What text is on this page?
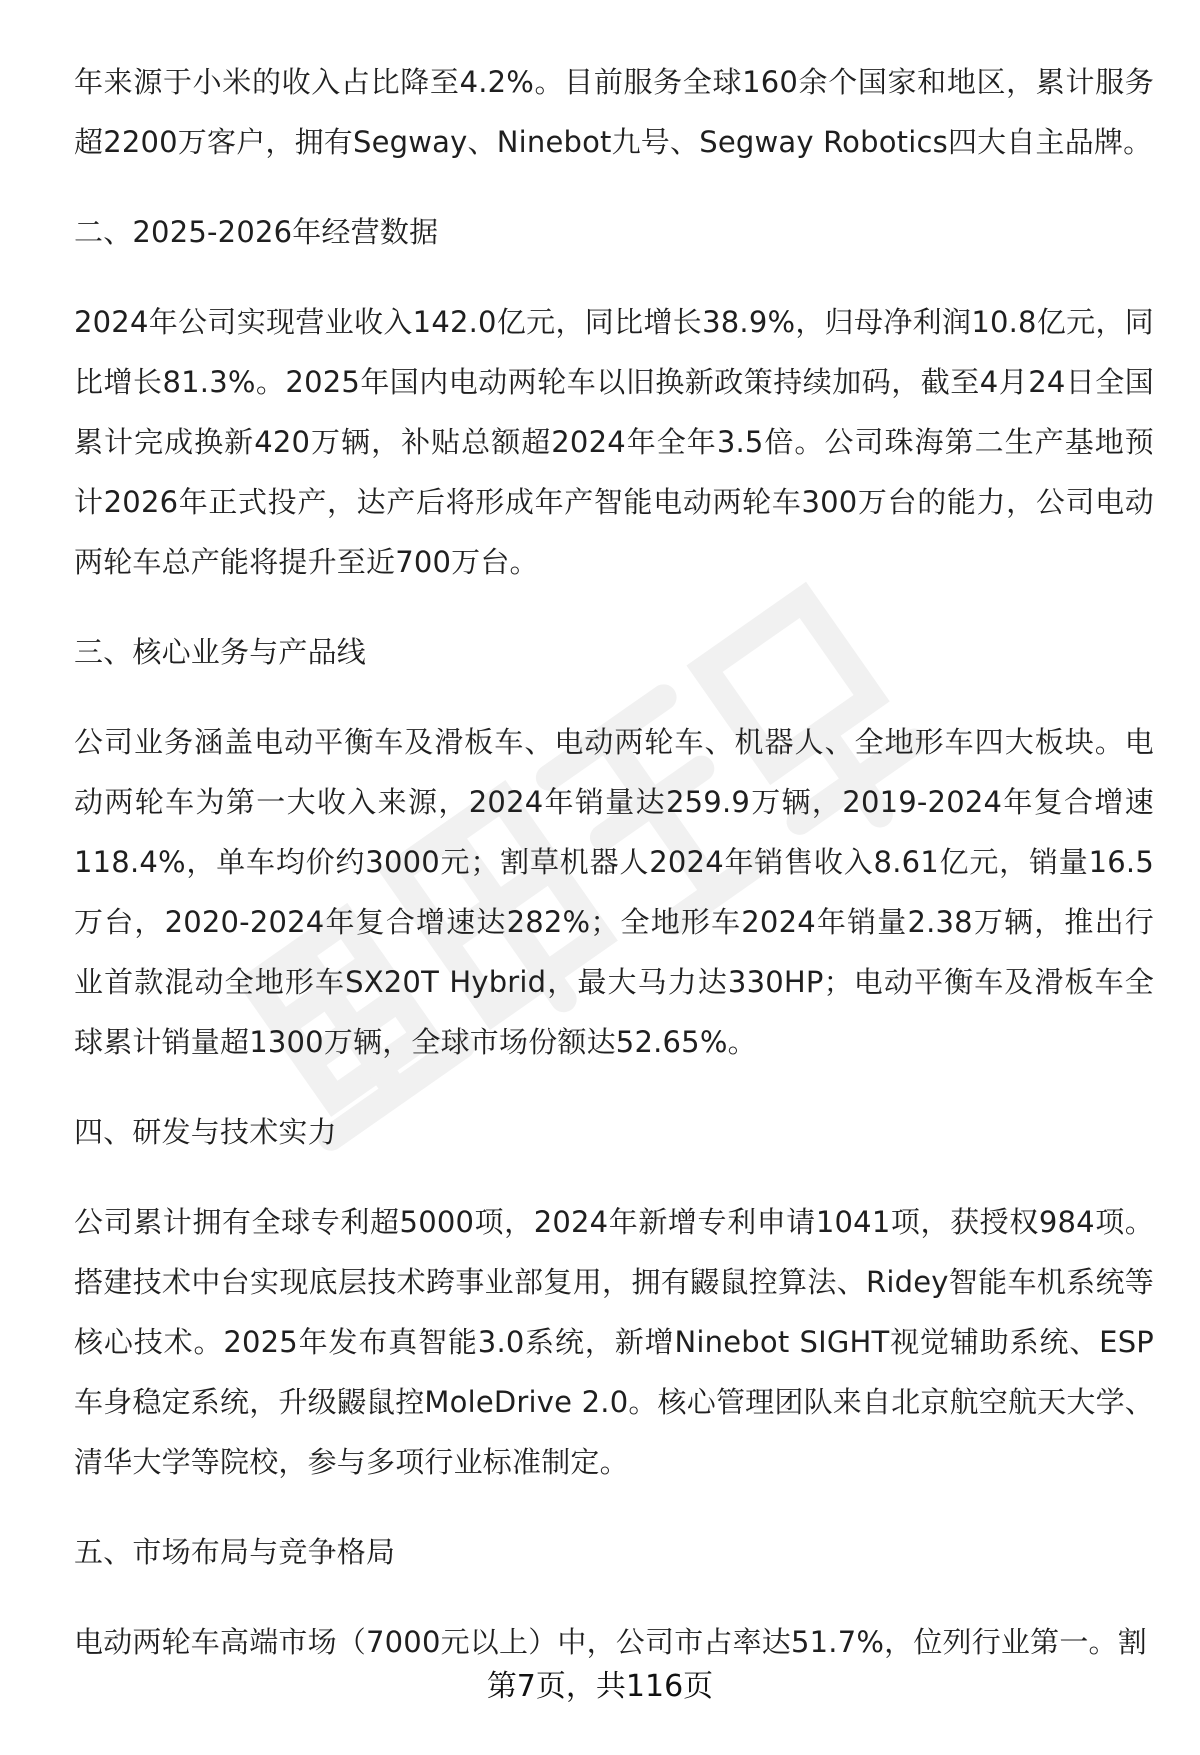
年来源于小米的收入占比降至4.2%。目前服务全球160余个国家和地区，累计服务超2200万客户，拥有Segway、Ninebot九号、Segway Robotics四大自主品牌。

二、2025-2026年经营数据

2024年公司实现营业收入142.0亿元，同比增长38.9%，归母净利润10.8亿元，同比增长81.3%。2025年国内电动两轮车以旧换新政策持续加码，截至4月24日全国累计完成换新420万辆，补贴总额超2024年全年3.5倍。公司珠海第二生产基地预计2026年正式投产，达产后将形成年产智能电动两轮车300万台的能力，公司电动两轮车总产能将提升至近700万台。

三、核心业务与产品线

公司业务涵盖电动平衡车及滑板车、电动两轮车、机器人、全地形车四大板块。电动两轮车为第一大收入来源，2024年销量达259.9万辆，2019-2024年复合增速118.4%，单车均价约3000元；割草机器人2024年销售收入8.61亿元，销量16.5万台，2020-2024年复合增速达282%；全地形车2024年销量2.38万辆，推出行业首款混动全地形车SX20T Hybrid，最大马力达330HP；电动平衡车及滑板车全球累计销量超1300万辆，全球市场份额达52.65%。

四、研发与技术实力

公司累计拥有全球专利超5000项，2024年新增专利申请1041项，获授权984项。搭建技术中台实现底层技术跨事业部复用，拥有鼹鼠控算法、Ridey智能车机系统等核心技术。2025年发布真智能3.0系统，新增Ninebot SIGHT视觉辅助系统、ESP车身稳定系统，升级鼹鼠控MoleDrive 2.0。核心管理团队来自北京航空航天大学、清华大学等院校，参与多项行业标准制定。

五、市场布局与竞争格局

电动两轮车高端市场（7000元以上）中，公司市占率达51.7%，位列行业第一。割

第7页，共116页
